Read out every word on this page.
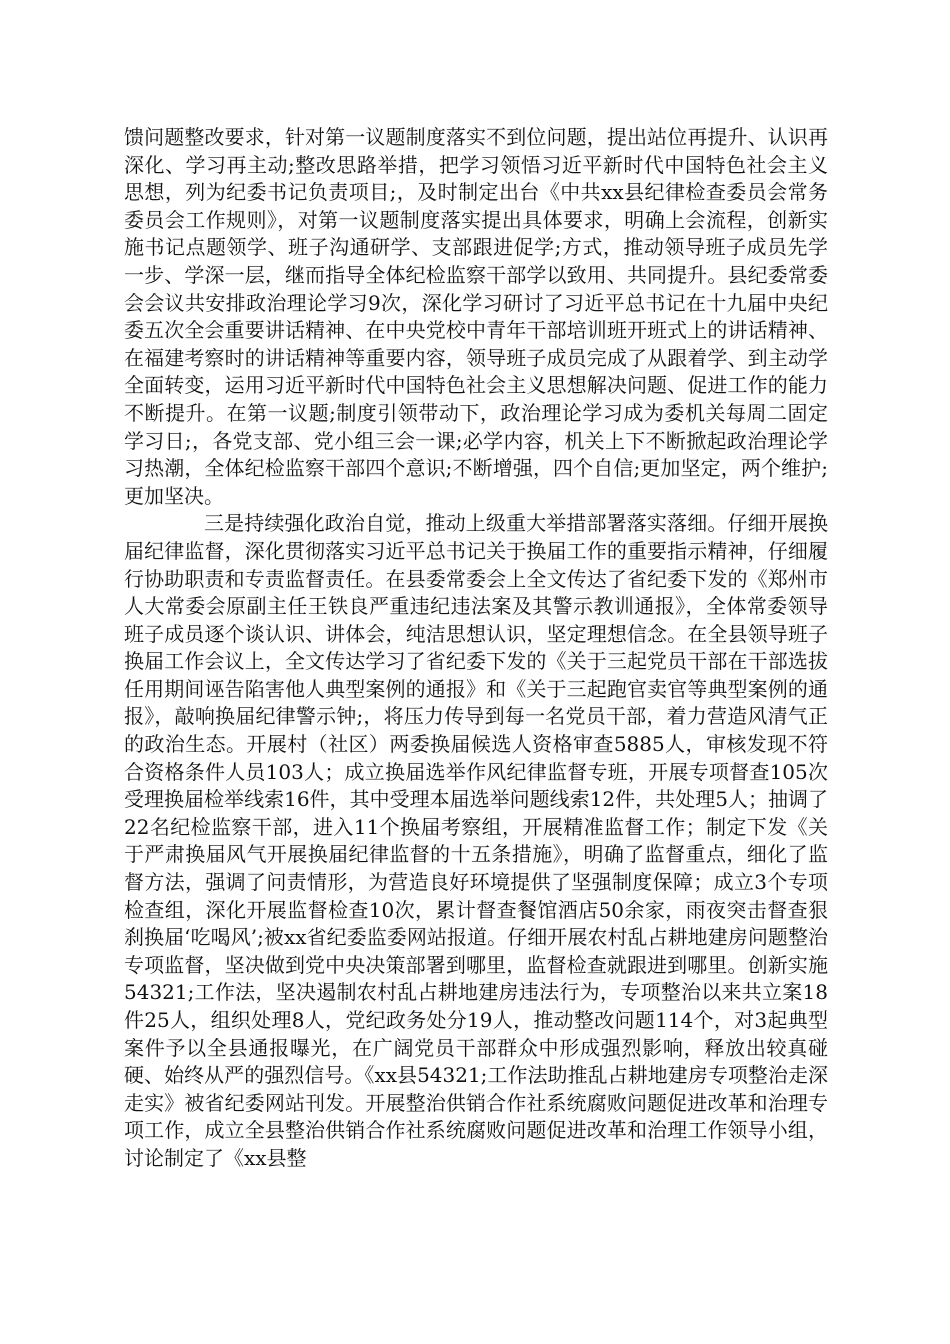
馈问题整改要求，针对第一议题制度落实不到位问题，提出站位再提升、认识再深化、学习再主动;整改思路举措，把学习领悟习近平新时代中国特色社会主义思想，列为纪委书记负责项目;，及时制定出台《中共xx县纪律检查委员会常务委员会工作规则》，对第一议题制度落实提出具体要求，明确上会流程，创新实施书记点题领学、班子沟通研学、支部跟进促学;方式，推动领导班子成员先学一步、学深一层，继而指导全体纪检监察干部学以致用、共同提升。县纪委常委会会议共安排政治理论学习9次，深化学习研讨了习近平总书记在十九届中央纪委五次全会重要讲话精神、在中央党校中青年干部培训班开班式上的讲话精神、在福建考察时的讲话精神等重要内容，领导班子成员完成了从跟着学、到主动学全面转变，运用习近平新时代中国特色社会主义思想解决问题、促进工作的能力不断提升。在第一议题;制度引领带动下，政治理论学习成为委机关每周二固定学习日;，各党支部、党小组三会一课;必学内容，机关上下不断掀起政治理论学习热潮，全体纪检监察干部四个意识;不断增强，四个自信;更加坚定，两个维护;更加坚决。

三是持续强化政治自觉，推动上级重大举措部署落实落细。仔细开展换届纪律监督，深化贯彻落实习近平总书记关于换届工作的重要指示精神，仔细履行协助职责和专责监督责任。在县委常委会上全文传达了省纪委下发的《郑州市人大常委会原副主任王铁良严重违纪违法案及其警示教训通报》，全体常委领导班子成员逐个谈认识、讲体会，纯洁思想认识，坚定理想信念。在全县领导班子换届工作会议上，全文传达学习了省纪委下发的《关于三起党员干部在干部选拔任用期间诬告陷害他人典型案例的通报》和《关于三起跑官卖官等典型案例的通报》，敲响换届纪律警示钟;，将压力传导到每一名党员干部，着力营造风清气正的政治生态。开展村（社区）两委换届候选人资格审查5885人，审核发现不符合资格条件人员103人；成立换届选举作风纪律监督专班，开展专项督查105次受理换届检举线索16件，其中受理本届选举问题线索12件，共处理5人；抽调了22名纪检监察干部，进入11个换届考察组，开展精准监督工作；制定下发《关于严肃换届风气开展换届纪律监督的十五条措施》，明确了监督重点，细化了监督方法，强调了问责情形，为营造良好环境提供了坚强制度保障；成立3个专项检查组，深化开展监督检查10次，累计督查餐馆酒店50余家，雨夜突击督查狠刹换届‘吃喝风’;被xx省纪委监委网站报道。仔细开展农村乱占耕地建房问题整治专项监督，坚决做到党中央决策部署到哪里，监督检查就跟进到哪里。创新实施54321;工作法，坚决遏制农村乱占耕地建房违法行为，专项整治以来共立案18件25人，组织处理8人，党纪政务处分19人，推动整改问题114个，对3起典型案件予以全县通报曝光，在广阔党员干部群众中形成强烈影响，释放出较真碰硬、始终从严的强烈信号。《xx县54321;工作法助推乱占耕地建房专项整治走深走实》被省纪委网站刊发。开展整治供销合作社系统腐败问题促进改革和治理专项工作，成立全县整治供销合作社系统腐败问题促进改革和治理工作领导小组，讨论制定了《xx县整
